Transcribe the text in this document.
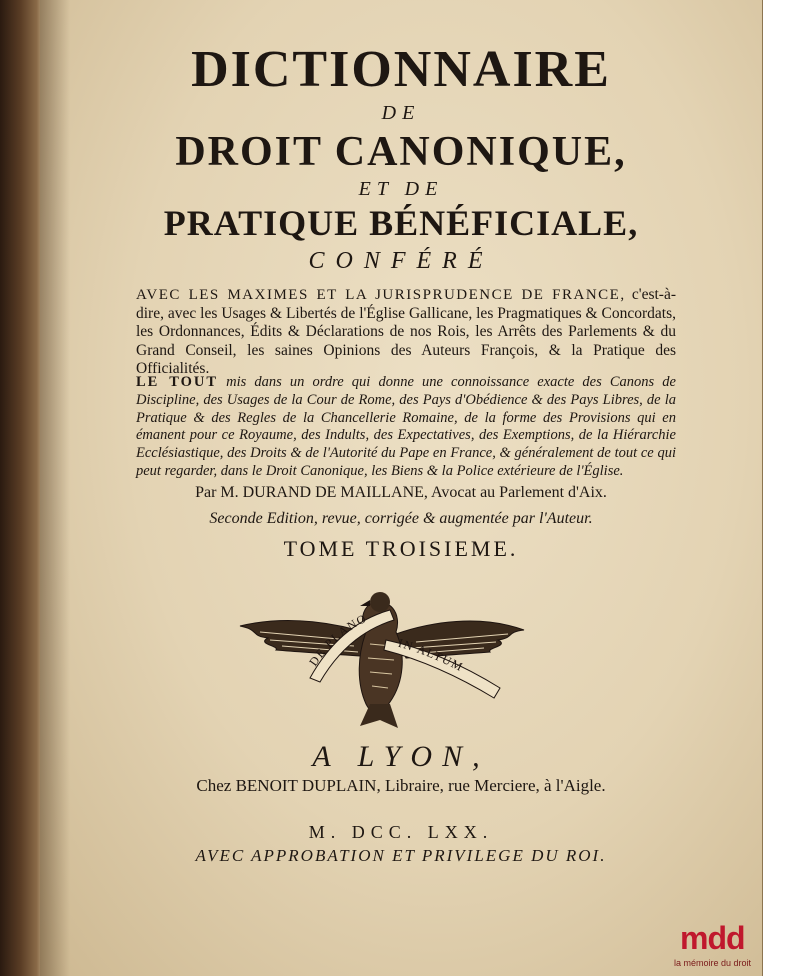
DICTIONNAIRE
DE
DROIT CANONIQUE,
ET DE
PRATIQUE BÉNÉFICIALE,
CONFÉRÉ
AVEC LES MAXIMES ET LA JURISPRUDENCE DE FRANCE, c'est-à-dire, avec les Usages & Libertés de l'Église Gallicane, les Pragmatiques & Concordats, les Ordonnances, Édits & Déclarations de nos Rois, les Arrêts des Parlements & du Grand Conseil, les saines Opinions des Auteurs François, & la Pratique des Officialités.
LE TOUT mis dans un ordre qui donne une connoissance exacte des Canons de Discipline, des Usages de la Cour de Rome, des Pays d'Obédience & des Pays Libres, de la Pratique & des Regles de la Chancellerie Romaine, de la forme des Provisions qui en émanent pour ce Royaume, des Indults, des Expectatives, des Exemptions, de la Hiérarchie Ecclésiastique, des Droits & de l'Autorité du Pape en France, & généralement de tout ce qui peut regarder, dans le Droit Canonique, les Biens & la Police extérieure de l'Église.
Par M. DURAND DE MAILLANE, Avocat au Parlement d'Aix.
Seconde Edition, revue, corrigée & augmentée par l'Auteur.
TOME TROISIEME.
DE PLANO
IN ALTUM
A LYON,
Chez BENOIT DUPLAIN, Libraire, rue Merciere, à l'Aigle.
M. DCC. LXX.
AVEC APPROBATION ET PRIVILEGE DU ROI.
mdd
la mémoire du droit
